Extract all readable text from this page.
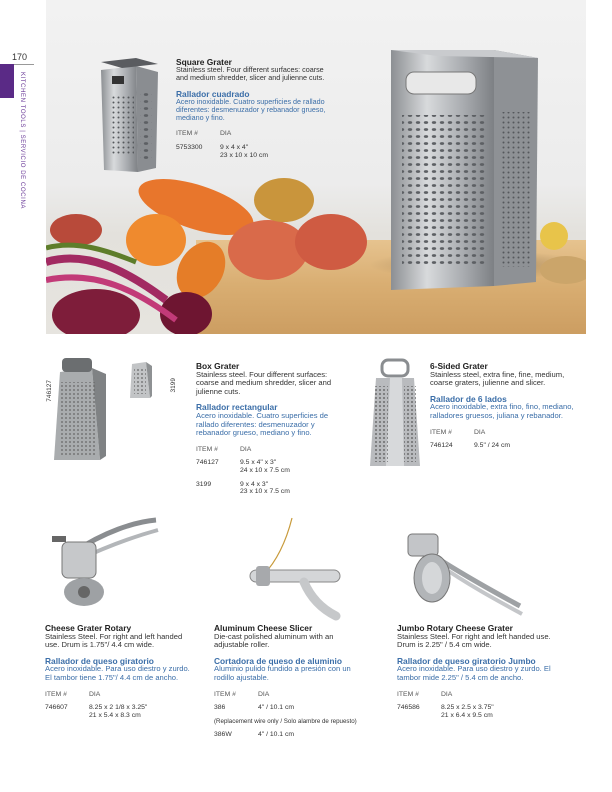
170
KITCHEN TOOLS | SERVICIO DE COCINA
Square Grater
Stainless steel. Four different surfaces: coarse and medium shredder, slicer and julienne cuts.
Rallador cuadrado
Acero inoxidable. Cuatro superficies de rallado diferentes: desmenuzador y rebanador grueso, mediano y fino.
ITEM #	DIA
5753300	9 x 4 x 4"
23 x 10 x 10 cm
746127	3199
Box Grater
Stainless steel. Four different surfaces: coarse and medium shredder, slicer and julienne cuts.
Rallador rectangular
Acero inoxidable. Cuatro superficies de rallado diferentes: desmenuzador y rebanador grueso, mediano y fino.
ITEM #	DIA
746127	9.5 x 4" x 3"
24 x 10 x 7.5 cm
3199	9 x 4 x 3"
23 x 10 x 7.5 cm
6-Sided Grater
Stainless steel, extra fine, fine, medium, coarse graters, julienne and slicer.
Rallador de 6 lados
Acero inoxidable, extra fino, fino, mediano, ralladores gruesos, juliana y rebanador.
ITEM #	DIA
746124	9.5" / 24 cm
Cheese Grater Rotary
Stainless Steel. For right and left handed use. Drum is 1.75"/ 4.4 cm wide.
Rallador de queso giratorio
Acero inoxidable. Para uso diestro y zurdo. El tambor tiene 1.75"/ 4.4 cm de ancho.
ITEM #	DIA
746607	8.25 x 2 1/8 x 3.25"
21 x 5.4 x 8.3 cm
Aluminum Cheese Slicer
Die-cast polished aluminum with an adjustable roller.
Cortadora de queso de aluminio
Aluminio pulido fundido a presión con un rodillo ajustable.
ITEM #	DIA
386	4" / 10.1 cm
(Replacement wire only / Solo alambre de repuesto)
386W	4" / 10.1 cm
Jumbo Rotary Cheese Grater
Stainless Steel. For right and left handed use. Drum is 2.25" / 5.4 cm wide.
Rallador de queso giratorio Jumbo
Acero inoxidable. Para uso diestro y zurdo. El tambor mide 2.25" / 5.4 cm de ancho.
ITEM #	DIA
746586	8.25 x 2.5 x 3.75"
21 x 6.4 x 9.5 cm
